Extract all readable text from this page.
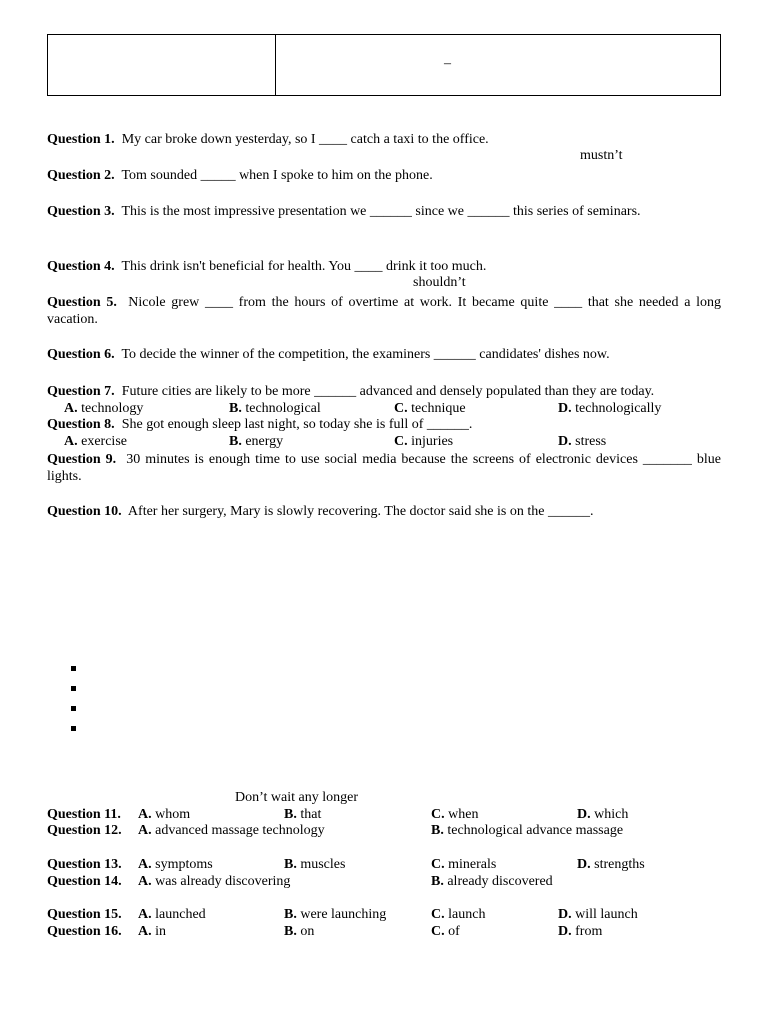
–
Question 1. My car broke down yesterday, so I ____ catch a taxi to the office.
mustn’t
Question 2. Tom sounded _____ when I spoke to him on the phone.
Question 3. This is the most impressive presentation we ______ since we ______ this series of seminars.
Question 4. This drink isn't beneficial for health. You ____ drink it too much.
shouldn’t
Question 5. Nicole grew ____ from the hours of overtime at work. It became quite ____ that she needed a long vacation.
Question 6. To decide the winner of the competition, the examiners ______ candidates' dishes now.
Question 7. Future cities are likely to be more ______ advanced and densely populated than they are today.
A. technology	B. technological	C. technique	D. technologically
Question 8. She got enough sleep last night, so today she is full of ______.
A. exercise	B. energy	C. injuries	D. stress
Question 9. 30 minutes is enough time to use social media because the screens of electronic devices _______ blue lights.
Question 10. After her surgery, Mary is slowly recovering. The doctor said she is on the ______.
Don’t wait any longer
Question 11. A. whom	B. that	C. when	D. which
Question 12. A. advanced massage technology	B. technological advance massage
Question 13. A. symptoms	B. muscles	C. minerals	D. strengths
Question 14. A. was already discovering	B. already discovered
Question 15. A. launched	B. were launching	C. launch	D. will launch
Question 16. A. in	B. on	C. of	D. from
